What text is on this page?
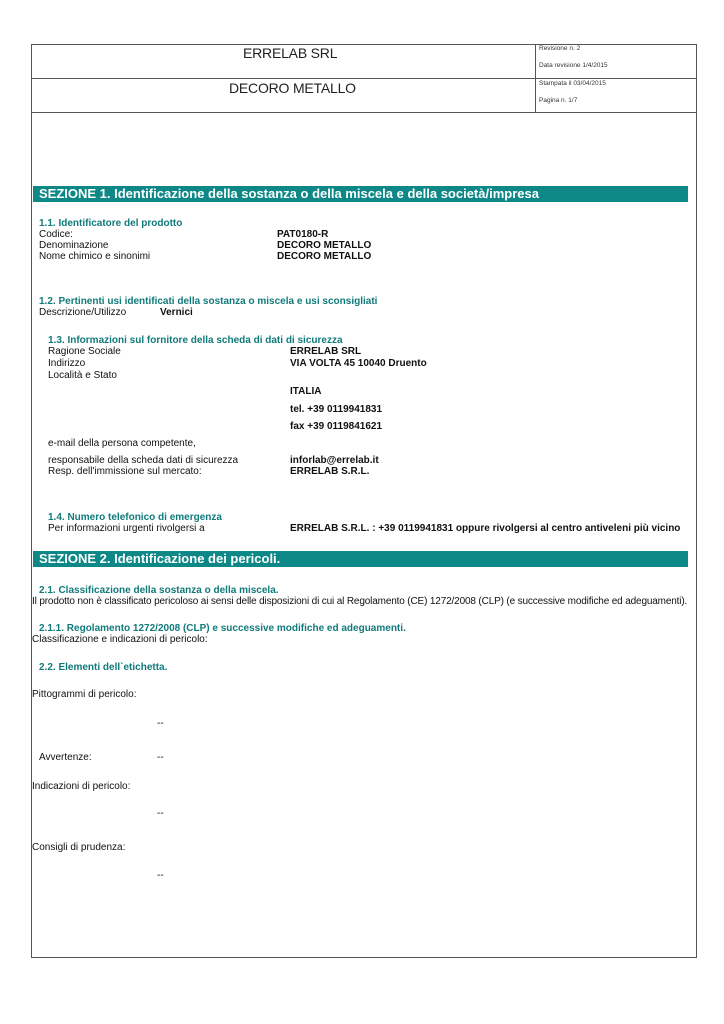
ERRELAB SRL
DECORO METALLO
Revisione n. 2
Data revisione 1/4/2015
Stampata il 03/04/2015
Pagina n. 1/7
SEZIONE 1. Identificazione della sostanza o della miscela e della società/impresa
1.1. Identificatore del prodotto
Codice:	PAT0180-R
Denominazione	DECORO METALLO
Nome chimico e sinonimi	DECORO METALLO
1.2. Pertinenti usi identificati della sostanza o miscela e usi sconsigliati
Descrizione/Utilizzo	Vernici
1.3. Informazioni sul fornitore della scheda di dati di sicurezza
Ragione Sociale	ERRELAB SRL
Indirizzo	VIA VOLTA 45 10040 Druento
Località e Stato
ITALIA
tel. +39 0119941831
fax +39 0119841621
e-mail della persona competente,
responsabile della scheda dati di sicurezza	inforlab@errelab.it
Resp. dell'immissione sul mercato:	ERRELAB S.R.L.
1.4. Numero telefonico di emergenza
Per informazioni urgenti rivolgersi a	ERRELAB S.R.L. : +39 0119941831 oppure rivolgersi al centro antiveleni più vicino
SEZIONE 2. Identificazione dei pericoli.
2.1. Classificazione della sostanza o della miscela.
Il prodotto non è classificato pericoloso ai sensi delle disposizioni di cui al Regolamento (CE) 1272/2008 (CLP) (e successive modifiche ed adeguamenti).
2.1.1. Regolamento 1272/2008 (CLP) e successive modifiche ed adeguamenti.
Classificazione e indicazioni di pericolo:
2.2. Elementi dell`etichetta.
Pittogrammi di pericolo:
--
Avvertenze:	--
Indicazioni di pericolo:
--
Consigli di prudenza:
--
